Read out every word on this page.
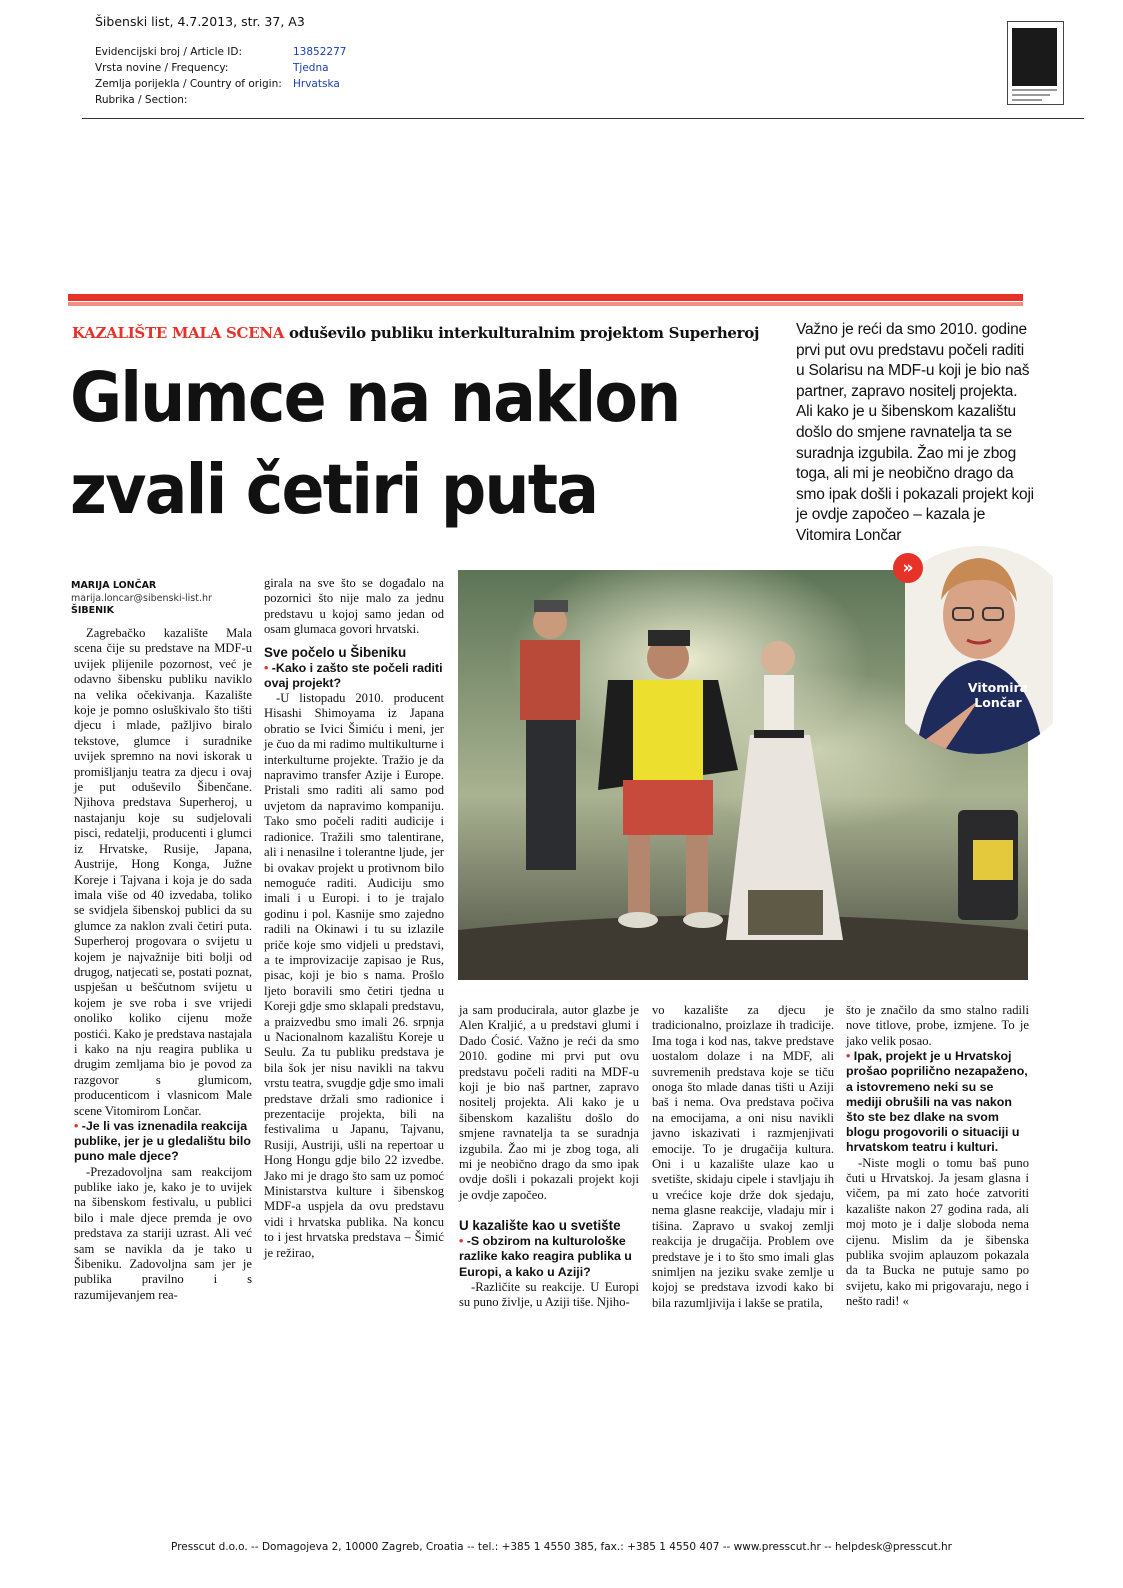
Šibenski list, 4.7.2013, str. 37, A3
Evidencijski broj / Article ID:	13852277
Vrsta novine / Frequency:	Tjedna
Zemlja porijekla / Country of origin:	Hrvatska
Rubrika / Section:
KAZALIŠTE MALA SCENA oduševilo publiku interkulturalnim projektom Superheroj
Glumce na naklon zvali četiri puta
Važno je reći da smo 2010. godine prvi put ovu predstavu počeli raditi u Solarisu na MDF-u koji je bio naš partner, zapravo nositelj projekta. Ali kako je u šibenskom kazalištu došlo do smjene ravnatelja ta se suradnja izgubila. Žao mi je zbog toga, ali mi je neobično drago da smo ipak došli i pokazali projekt koji je ovdje započeo – kazala je Vitomira Lončar
MARIJA LONČAR
marija.loncar@sibenski-list.hr
ŠIBENIK

Zagrebačko kazalište Mala scena čije su predstave na MDF-u uvijek plijenile pozornost, već je odavno šibensku publiku naviklo na velika očekivanja. Kazalište koje je pomno osluškivalo što tišti djecu i mlade, pažljivo biralo tekstove, glumce i suradnike uvijek spremno na novi iskorak u promišljanju teatra za djecu i ovaj je put oduševilo Šibenčane. Njihova predstava Superheroj, u nastajanju koje su sudjelovali pisci, redatelji, producenti i glumci iz Hrvatske, Rusije, Japana, Austrije, Hong Konga, Južne Koreje i Tajvana i koja je do sada imala više od 40 izvedaba, toliko se svidjela šibenskoj publici da su glumce za naklon zvali četiri puta. Superheroj progovara o svijetu u kojem je najvažnije biti bolji od drugog, natjecati se, postati poznat, uspješan u beščutnom svijetu u kojem je sve roba i sve vrijedi onoliko koliko cijenu može postići. Kako je predstava nastajala i kako na nju reagira publika u drugim zemljama bio je povod za razgovor s glumicom, producenticom i vlasnicom Male scene Vitomirom Lončar.

• -Je li vas iznenadila reakcija publike, jer je u gledalištu bilo puno male djece?

-Prezadovoljna sam reakcijom publike iako je, kako je to uvijek na šibenskom festivalu, u publici bilo i male djece premda je ovo predstava za stariji uzrast. Ali već sam se navikla da je tako u Šibeniku. Zadovoljna sam jer je publika pravilno i s razumijevanjem rea-

girala na sve što se događalo na pozornici što nije malo za jednu predstavu u kojoj samo jedan od osam glumaca govori hrvatski.

Sve počelo u Šibeniku

• -Kako i zašto ste počeli raditi ovaj projekt?

-U listopadu 2010. producent Hisashi Shimoyama iz Japana obratio se Ivici Šimiću i meni, jer je čuo da mi radimo multikulturne i interkulturne projekte. Tražio je da napravimo transfer Azije i Europe. Pristali smo raditi ali samo pod uvjetom da napravimo kompaniju. Tako smo počeli raditi audicije i radionice. Tražili smo talentirane, ali i nenasilne i tolerantne ljude, jer bi ovakav projekt u protivnom bilo nemoguće raditi. Audiciju smo imali i u Europi. i to je trajalo godinu i pol. Kasnije smo zajedno radili na Okinawi i tu su izlazile priče koje smo vidjeli u predstavi, a te improvizacije zapisao je Rus, pisac, koji je bio s nama. Prošlo ljeto boravili smo četiri tjedna u Koreji gdje smo sklapali predstavu, a praizvedbu smo imali 26. srpnja u Nacionalnom kazalištu Koreje u Seulu. Za tu publiku predstava je bila šok jer nisu navikli na takvu vrstu teatra, svugdje gdje smo imali predstave držali smo radionice i prezentacije projekta, bili na festivalima u Japanu, Tajvanu, Rusiji, Austriji, ušli na repertoar u Hong Hongu gdje bilo 22 izvedbe. Jako mi je drago što sam uz pomoć Ministarstva kulture i šibenskog MDF-a uspjela da ovu predstavu vidi i hrvatska publika. Na koncu to i jest hrvatska predstava – Šimić je režirao,

»
Vitomira Lončar

ja sam producirala, autor glazbe je Alen Kraljić, a u predstavi glumi i Dado Ćosić. Važno je reći da smo 2010. godine mi prvi put ovu predstavu počeli raditi na MDF-u koji je bio naš partner, zapravo nositelj projekta. Ali kako je u šibenskom kazalištu došlo do smjene ravnatelja ta se suradnja izgubila. Žao mi je zbog toga, ali mi je neobično drago da smo ipak ovdje došli i pokazali projekt koji je ovdje započeo.

U kazalište kao u svetište

• -S obzirom na kulturološke razlike kako reagira publika u Europi, a kako u Aziji?

-Različite su reakcije. U Europi su puno življe, u Aziji tiše. Njiho-

vo kazalište za djecu je tradicionalno, proizlaze ih tradicije. Ima toga i kod nas, takve predstave uostalom dolaze i na MDF, ali suvremenih predstava koje se tiču onoga što mlade danas tišti u Aziji baš i nema. Ova predstava počiva na emocijama, a oni nisu navikli javno iskazivati i razmjenjivati emocije. To je drugačija kultura. Oni i u kazalište ulaze kao u svetište, skidaju cipele i stavljaju ih u vrećice koje drže dok sjedaju, nema glasne reakcije, vladaju mir i tišina. Zapravo u svakoj zemlji reakcija je drugačija. Problem ove predstave je i to što smo imali glas snimljen na jeziku svake zemlje u kojoj se predstava izvodi kako bi bila razumljivija i lakše se pratila,

što je značilo da smo stalno radili nove titlove, probe, izmjene. To je jako velik posao.

• Ipak, projekt je u Hrvatskoj prošao poprilično nezapaženo, a istovremeno neki su se mediji obrušili na vas nakon što ste bez dlake na svom blogu progovorili o situaciji u hrvatskom teatru i kulturi.

-Niste mogli o tomu baš puno čuti u Hrvatskoj. Ja jesam glasna i vičem, pa mi zato hoće zatvoriti kazalište nakon 27 godina rada, ali moj moto je i dalje sloboda nema cijenu. Mislim da je šibenska publika svojim aplauzom pokazala da ta Bucka ne putuje samo po svijetu, kako mi prigovaraju, nego i nešto radi! «

Presscut d.o.o. -- Domagojeva 2, 10000 Zagreb, Croatia -- tel.: +385 1 4550 385, fax.: +385 1 4550 407 -- www.presscut.hr -- helpdesk@presscut.hr
